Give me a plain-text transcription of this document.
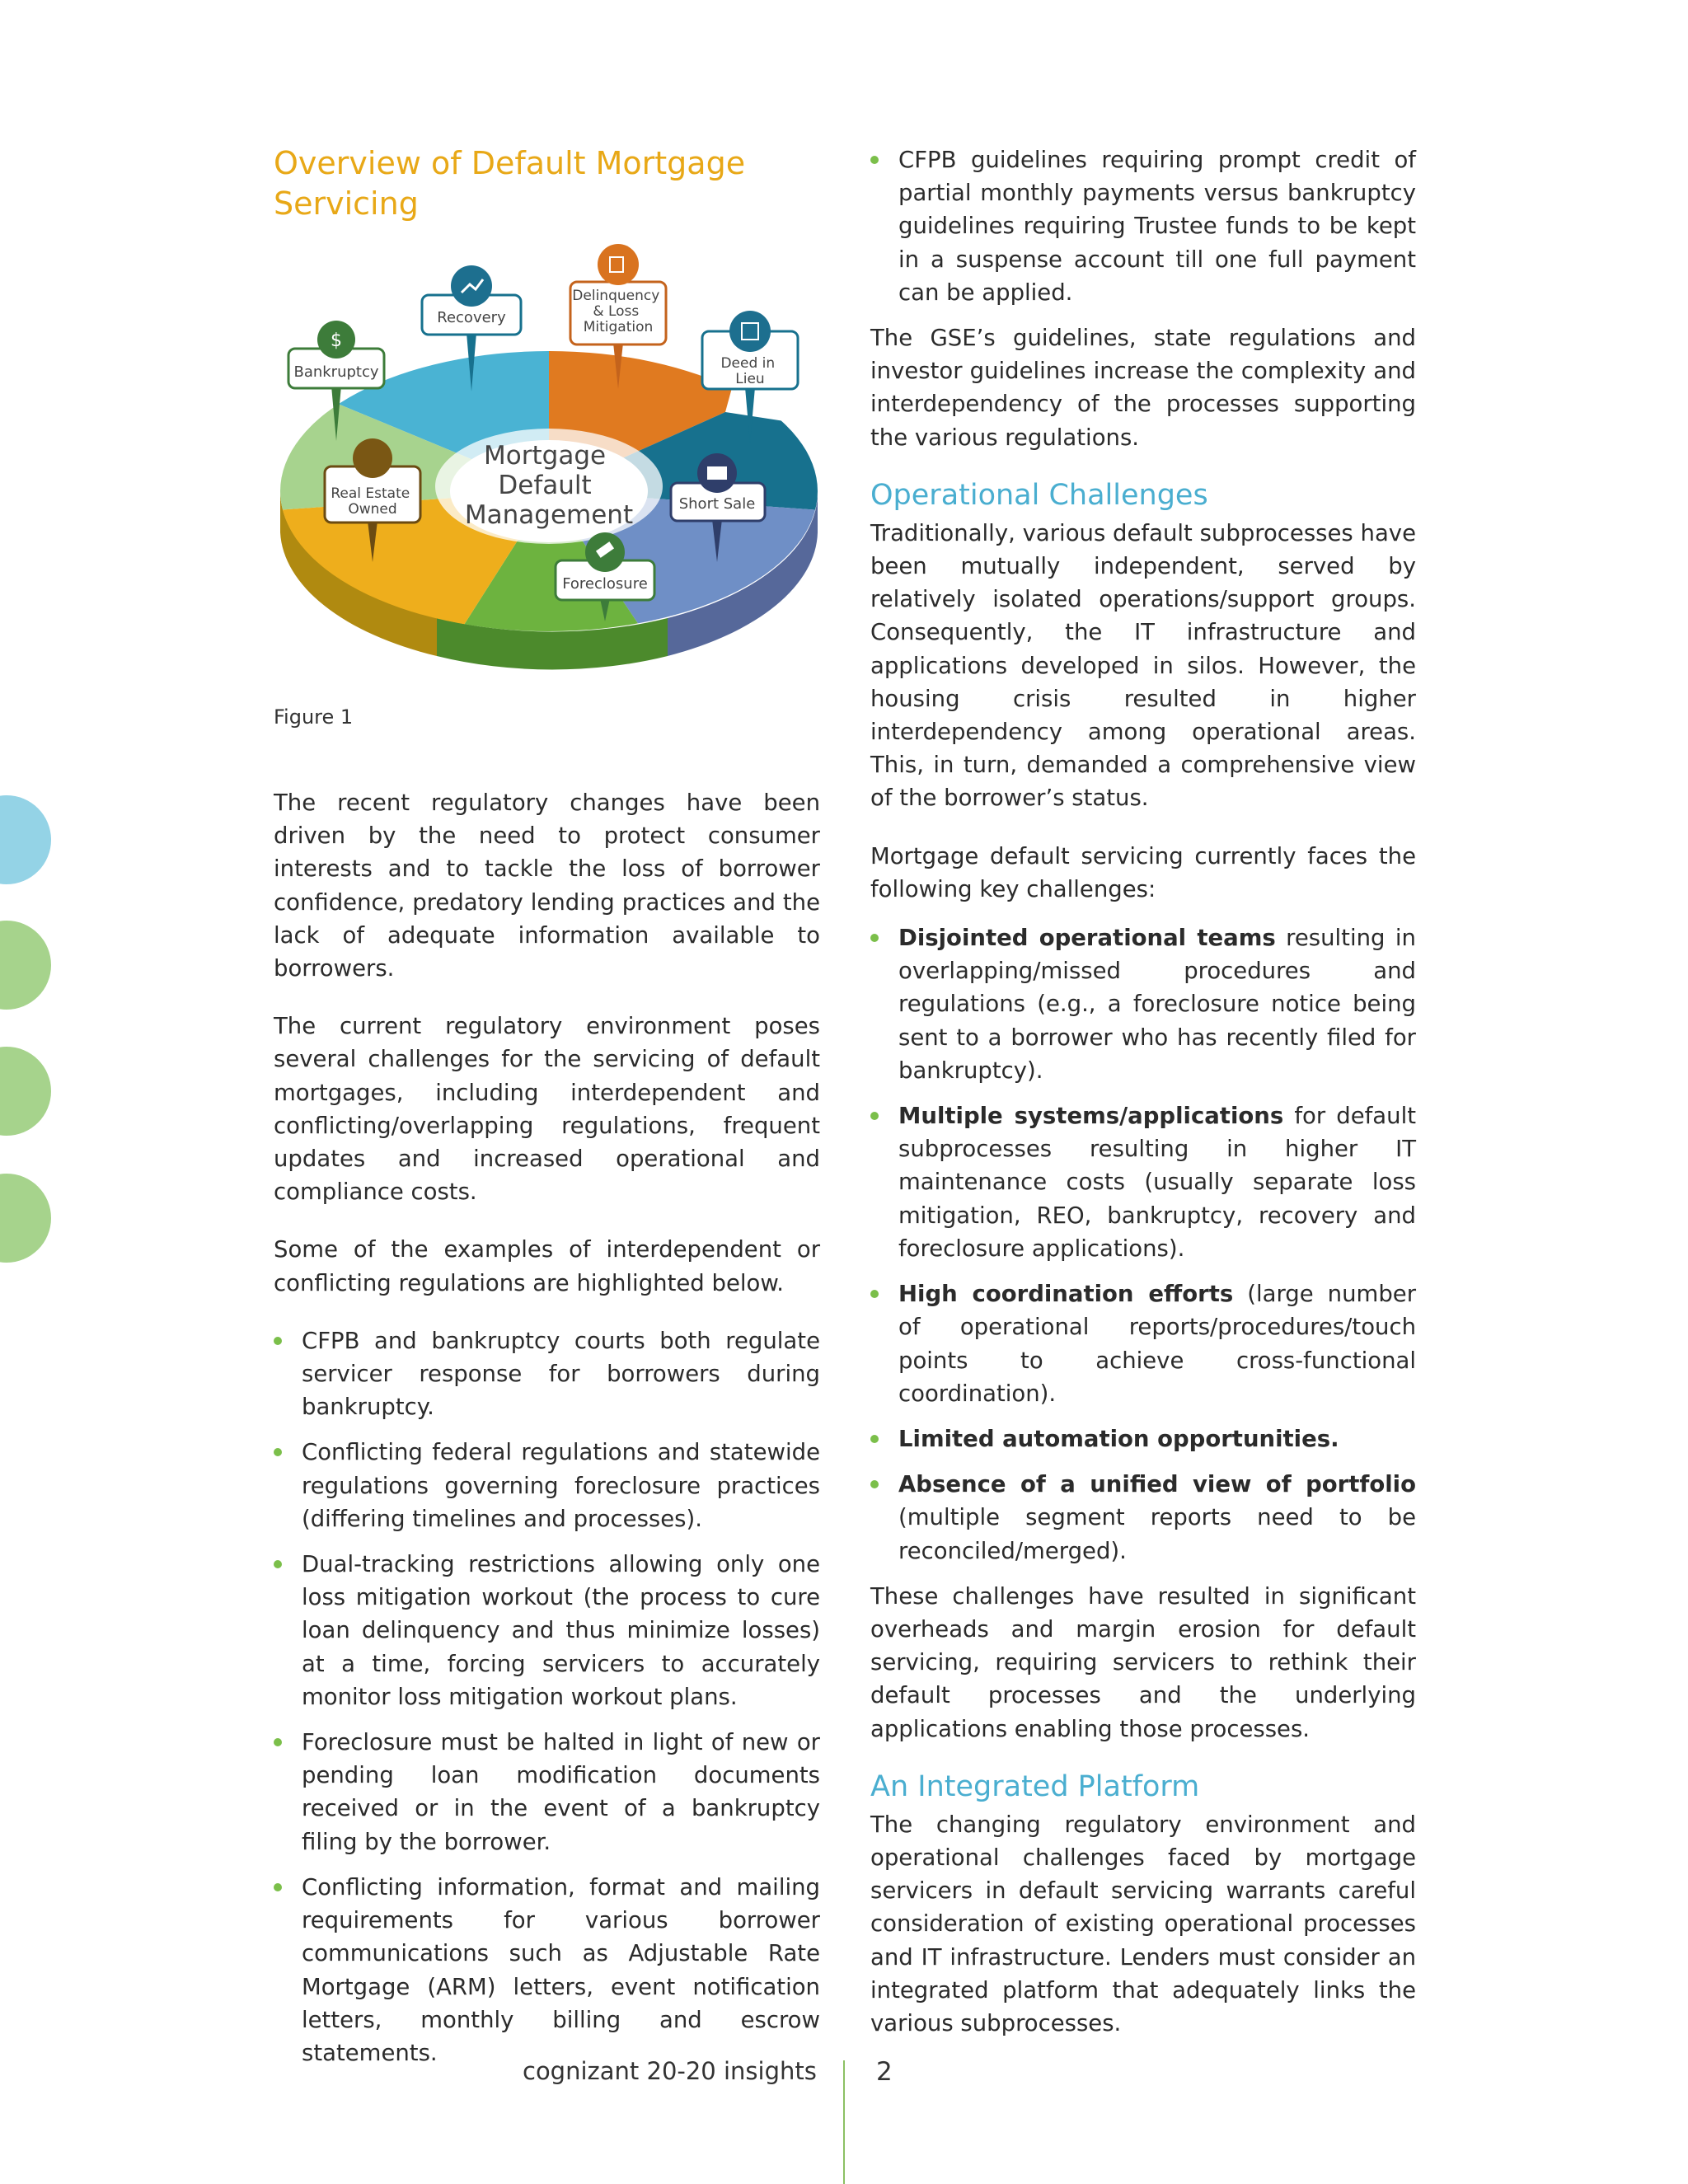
Overview of Default Mortgage Servicing
Mortgage Default Management
$
Bankruptcy
Recovery
Delinquency & Loss Mitigation
Deed in Lieu
Real Estate Owned	Short Sale
Foreclosure
Figure 1

The recent regulatory changes have been driven by the need to protect consumer interests and to tackle the loss of borrower confidence, predatory lending practices and the lack of adequate information available to borrowers.

The current regulatory environment poses several challenges for the servicing of default mortgages, including interdependent and conflicting/overlapping regulations, frequent updates and increased operational and compliance costs.

Some of the examples of interdependent or conflicting regulations are highlighted below.

CFPB and bankruptcy courts both regulate servicer response for borrowers during bankruptcy.
Conflicting federal regulations and statewide regulations governing foreclosure practices (differing timelines and processes).
Dual-tracking restrictions allowing only one loss mitigation workout (the process to cure loan delinquency and thus minimize losses) at a time, forcing servicers to accurately monitor loss mitigation workout plans.
Foreclosure must be halted in light of new or pending loan modification documents received or in the event of a bankruptcy filing by the borrower.
Conflicting information, format and mailing requirements for various borrower communications such as Adjustable Rate Mortgage (ARM) letters, event notification letters, monthly billing and escrow statements.
CFPB guidelines requiring prompt credit of partial monthly payments versus bankruptcy guidelines requiring Trustee funds to be kept in a suspense account till one full payment can be applied.

The GSE’s guidelines, state regulations and investor guidelines increase the complexity and interdependency of the processes supporting the various regulations.

Operational Challenges

Traditionally, various default subprocesses have been mutually independent, served by relatively isolated operations/support groups. Consequently, the IT infrastructure and applications developed in silos. However, the housing crisis resulted in higher interdependency among operational areas. This, in turn, demanded a comprehensive view of the borrower’s status.

Mortgage default servicing currently faces the following key challenges:

Disjointed operational teams resulting in overlapping/missed procedures and regulations (e.g., a foreclosure notice being sent to a borrower who has recently filed for bankruptcy).
Multiple systems/applications for default subprocesses resulting in higher IT maintenance costs (usually separate loss mitigation, REO, bankruptcy, recovery and foreclosure applications).
High coordination efforts (large number of operational reports/procedures/touch points to achieve cross-functional coordination).
Limited automation opportunities.
Absence of a unified view of portfolio (multiple segment reports need to be reconciled/merged).

These challenges have resulted in significant overheads and margin erosion for default servicing, requiring servicers to rethink their default processes and the underlying applications enabling those processes.

An Integrated Platform

The changing regulatory environment and operational challenges faced by mortgage servicers in default servicing warrants careful consideration of existing operational processes and IT infrastructure. Lenders must consider an integrated platform that adequately links the various subprocesses.

cognizant 20-20 insights 2
